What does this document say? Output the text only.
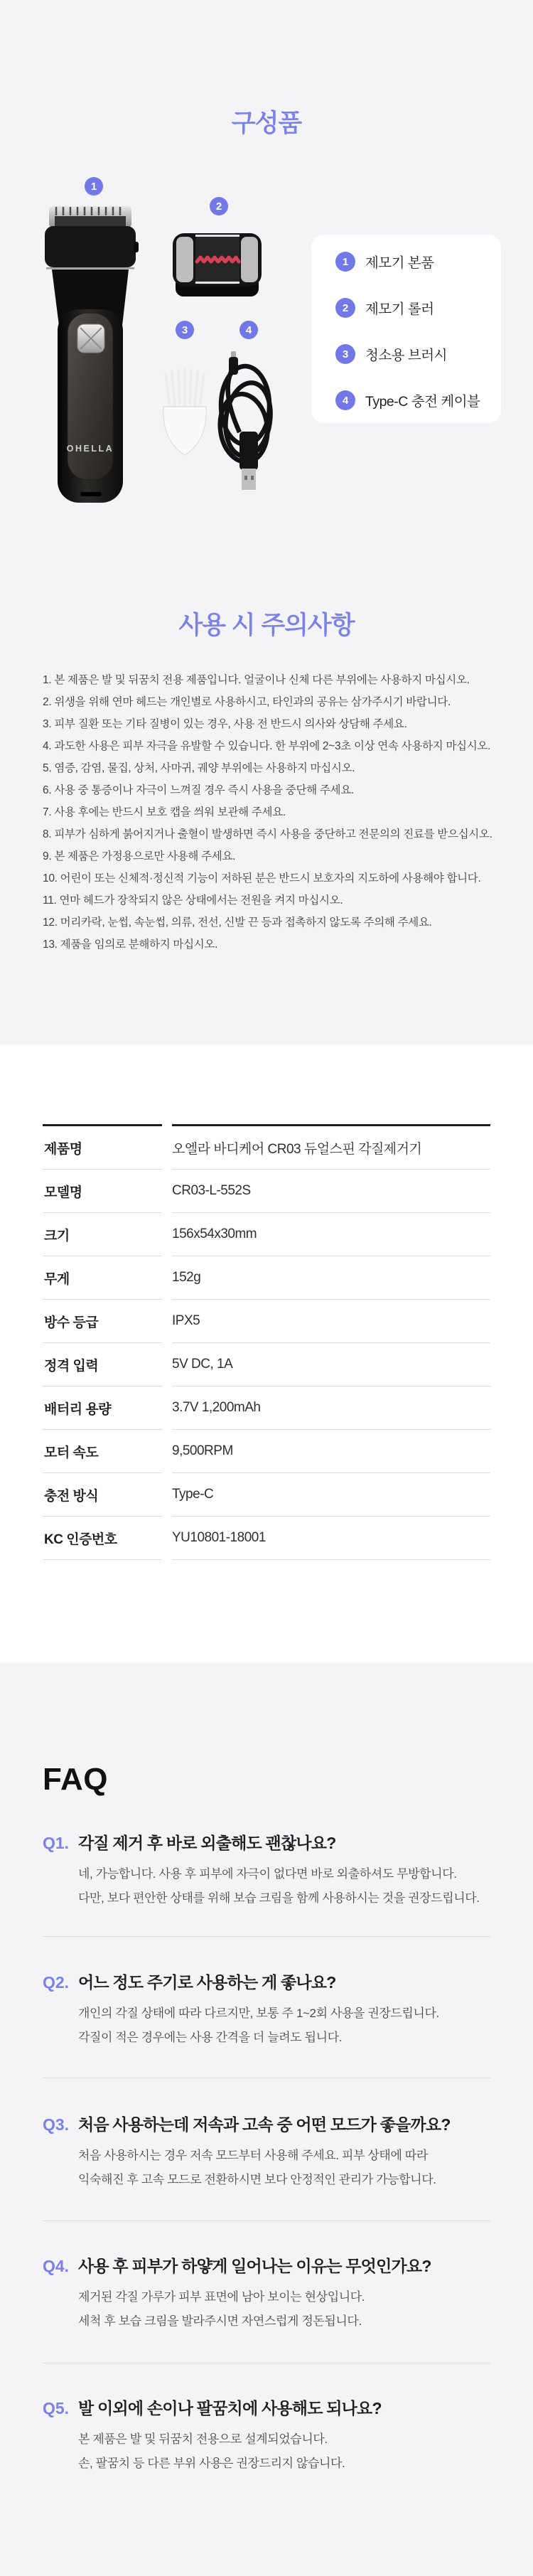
구성품
OHELLA
1
2
3	4
1	제모기 본품
2	제모기 롤러
3	청소용 브러시
4	Type-C 충전 케이블
사용 시 주의사항
1. 본 제품은 발 및 뒤꿈치 전용 제품입니다. 얼굴이나 신체 다른 부위에는 사용하지 마십시오.
2. 위생을 위해 연마 헤드는 개인별로 사용하시고, 타인과의 공유는 삼가주시기 바랍니다.
3. 피부 질환 또는 기타 질병이 있는 경우, 사용 전 반드시 의사와 상담해 주세요.
4. 과도한 사용은 피부 자극을 유발할 수 있습니다. 한 부위에 2~3초 이상 연속 사용하지 마십시오.
5. 염증, 감염, 물집, 상처, 사마귀, 궤양 부위에는 사용하지 마십시오.
6. 사용 중 통증이나 자극이 느껴질 경우 즉시 사용을 중단해 주세요.
7. 사용 후에는 반드시 보호 캡을 씌워 보관해 주세요.
8. 피부가 심하게 붉어지거나 출혈이 발생하면 즉시 사용을 중단하고 전문의의 진료를 받으십시오.
9. 본 제품은 가정용으로만 사용해 주세요.
10. 어린이 또는 신체적·정신적 기능이 저하된 분은 반드시 보호자의 지도하에 사용해야 합니다.
11. 연마 헤드가 장착되지 않은 상태에서는 전원을 켜지 마십시오.
12. 머리카락, 눈썹, 속눈썹, 의류, 전선, 신발 끈 등과 접촉하지 않도록 주의해 주세요.
13. 제품을 임의로 분해하지 마십시오.
제품명	오엘라 바디케어 CR03 듀얼스핀 각질제거기
모델명	CR03-L-552S
크기	156x54x30mm
무게	152g
방수 등급	IPX5
정격 입력	5V DC, 1A
배터리 용량	3.7V 1,200mAh
모터 속도	9,500RPM
충전 방식	Type-C
KC 인증번호	YU10801-18001
FAQ
Q1. 각질 제거 후 바로 외출해도 괜찮나요?
네, 가능합니다. 사용 후 피부에 자극이 없다면 바로 외출하셔도 무방합니다.
다만, 보다 편안한 상태를 위해 보습 크림을 함께 사용하시는 것을 권장드립니다.
Q2. 어느 정도 주기로 사용하는 게 좋나요?
개인의 각질 상태에 따라 다르지만, 보통 주 1~2회 사용을 권장드립니다.
각질이 적은 경우에는 사용 간격을 더 늘려도 됩니다.
Q3. 처음 사용하는데 저속과 고속 중 어떤 모드가 좋을까요?
처음 사용하시는 경우 저속 모드부터 사용해 주세요. 피부 상태에 따라
익숙해진 후 고속 모드로 전환하시면 보다 안정적인 관리가 가능합니다.
Q4. 사용 후 피부가 하얗게 일어나는 이유는 무엇인가요?
제거된 각질 가루가 피부 표면에 남아 보이는 현상입니다.
세척 후 보습 크림을 발라주시면 자연스럽게 정돈됩니다.
Q5. 발 이외에 손이나 팔꿈치에 사용해도 되나요?
본 제품은 발 및 뒤꿈치 전용으로 설계되었습니다.
손, 팔꿈치 등 다른 부위 사용은 권장드리지 않습니다.
